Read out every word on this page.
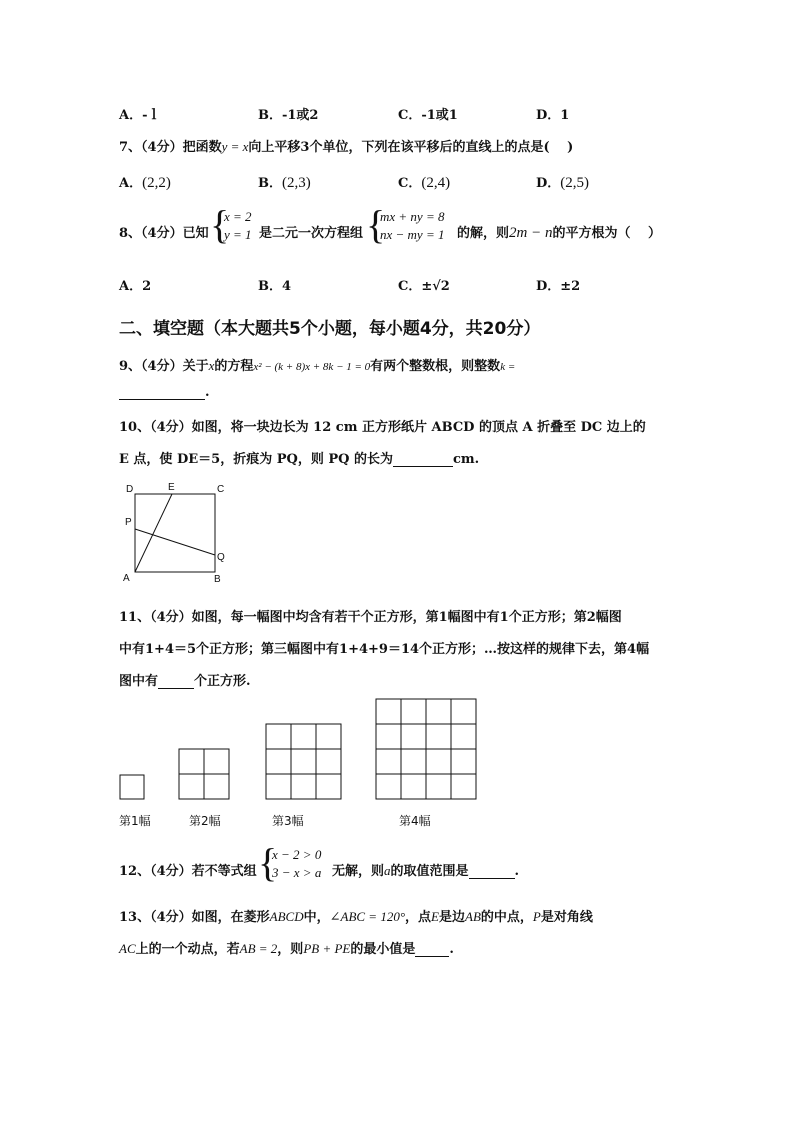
A．-ｌ	B．-1或2	C．-1或1	D．1
7、（4分）把函数y = x向上平移3个单位，下列在该平移后的直线上的点是(　 )
A．(2,2)	B．(2,3)	C．(2,4)	D．(2,5)
8、（4分）已知 {
x = 2
y = 1 是二元一次方程组 {
mx + ny = 8
nx − my = 1 的解，则2m − n的平方根为（　 ）
A．2	B．4	C．±√2	D．±2
二、填空题（本大题共5个小题，每小题4分，共20分）
9、（4分）关于x的方程x² − (k + 8)x + 8k − 1 = 0有两个整数根，则整数k =
.
10、（4分）如图，将一块边长为 12 cm 正方形纸片 ABCD 的顶点 A 折叠至 DC 边上的
E 点，使 DE＝5，折痕为 PQ，则 PQ 的长为	cm.
D	E	C
P
Q
A	B
11、（4分）如图，每一幅图中均含有若干个正方形，第1幅图中有1个正方形；第2幅图
中有1+4＝5个正方形；第三幅图中有1+4+9＝14个正方形；…按这样的规律下去，第4幅
图中有	个正方形.
第1幅	第2幅	第3幅	第4幅
12、（4分）若不等式组 {
x − 2 > 0
3 − x > a 无解，则a的取值范围是	.
13、（4分）如图，在菱形ABCD中，∠ABC = 120°，点E是边AB的中点，P是对角线
AC上的一个动点，若AB = 2，则PB + PE的最小值是	.
